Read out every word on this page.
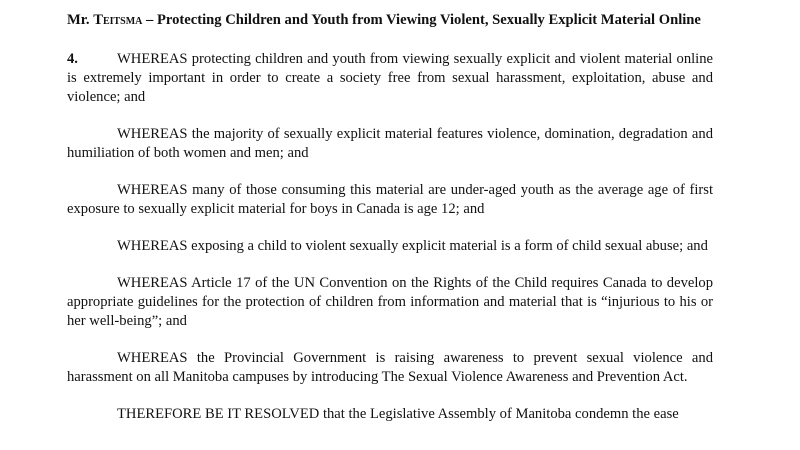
Mr. Teitsma – Protecting Children and Youth from Viewing Violent, Sexually Explicit Material Online

4.	WHEREAS protecting children and youth from viewing sexually explicit and violent material online is extremely important in order to create a society free from sexual harassment, exploitation, abuse and violence; and

WHEREAS the majority of sexually explicit material features violence, domination, degradation and humiliation of both women and men; and

WHEREAS many of those consuming this material are under-aged youth as the average age of first exposure to sexually explicit material for boys in Canada is age 12; and

WHEREAS exposing a child to violent sexually explicit material is a form of child sexual abuse; and

WHEREAS Article 17 of the UN Convention on the Rights of the Child requires Canada to develop appropriate guidelines for the protection of children from information and material that is “injurious to his or her well-being”; and

WHEREAS the Provincial Government is raising awareness to prevent sexual violence and harassment on all Manitoba campuses by introducing The Sexual Violence Awareness and Prevention Act.

THEREFORE BE IT RESOLVED that the Legislative Assembly of Manitoba condemn the ease
